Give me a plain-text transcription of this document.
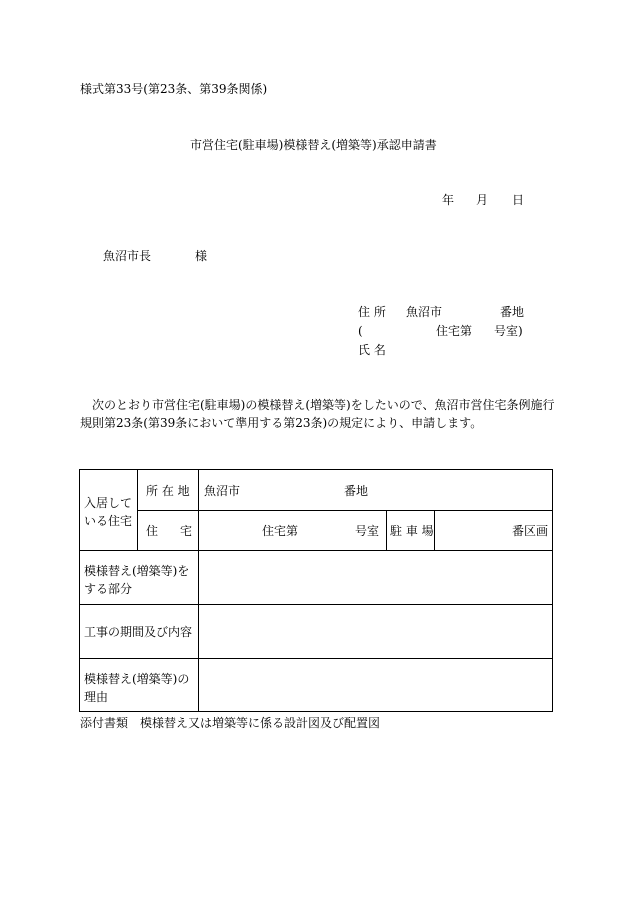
様式第33号(第23条、第39条関係)
市営住宅(駐車場)模様替え(増築等)承認申請書
年 月 日
魚沼市長	様
住 所 魚沼市	番地
(	住宅第 号室)
氏 名
次のとおり市営住宅(駐車場)の模様替え(増築等)をしたいので、魚沼市営住宅条例施行
規則第23条(第39条において準用する第23条)の規定により、申請します。
入居している住宅
所 在 地 魚沼市	番地
住 宅	住宅第	号室 駐 車 場	番区画
模様替え(増築等)をする部分
工事の期間及び内容
模様替え(増築等)の理由
添付書類　模様替え又は増築等に係る設計図及び配置図
